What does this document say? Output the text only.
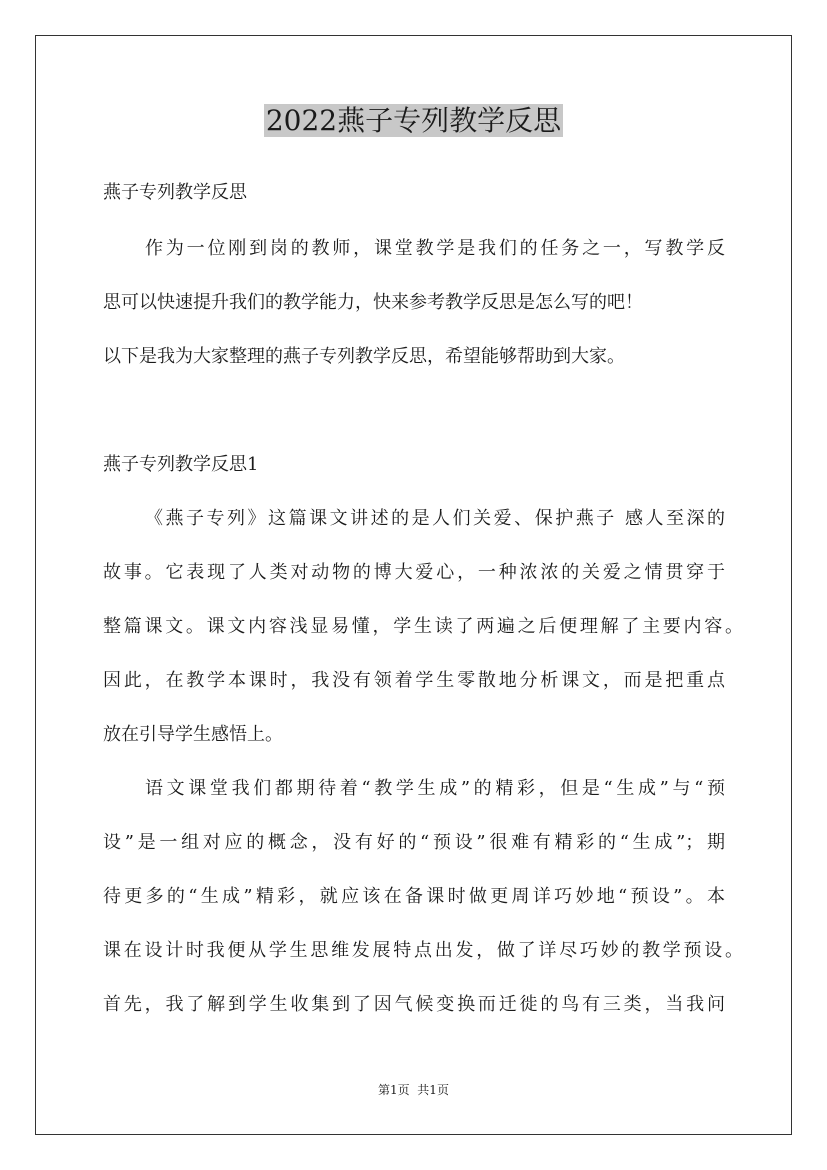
2022燕子专列教学反思
燕子专列教学反思
作为一位刚到岗的教师，课堂教学是我们的任务之一，写教学反
思可以快速提升我们的教学能力，快来参考教学反思是怎么写的吧！
以下是我为大家整理的燕子专列教学反思，希望能够帮助到大家。
燕子专列教学反思1
《燕子专列》这篇课文讲述的是人们关爱、保护燕子 感人至深的
故事。它表现了人类对动物的博大爱心，一种浓浓的关爱之情贯穿于
整篇课文。课文内容浅显易懂，学生读了两遍之后便理解了主要内容。
因此，在教学本课时，我没有领着学生零散地分析课文，而是把重点
放在引导学生感悟上。
语文课堂我们都期待着“教学生成”的精彩，但是“生成”与“预
设”是一组对应的概念，没有好的“预设”很难有精彩的“生成”；期
待更多的“生成”精彩，就应该在备课时做更周详巧妙地“预设”。本
课在设计时我便从学生思维发展特点出发，做了详尽巧妙的教学预设。
首先，我了解到学生收集到了因气候变换而迁徙的鸟有三类，当我问
第1页  共1页
